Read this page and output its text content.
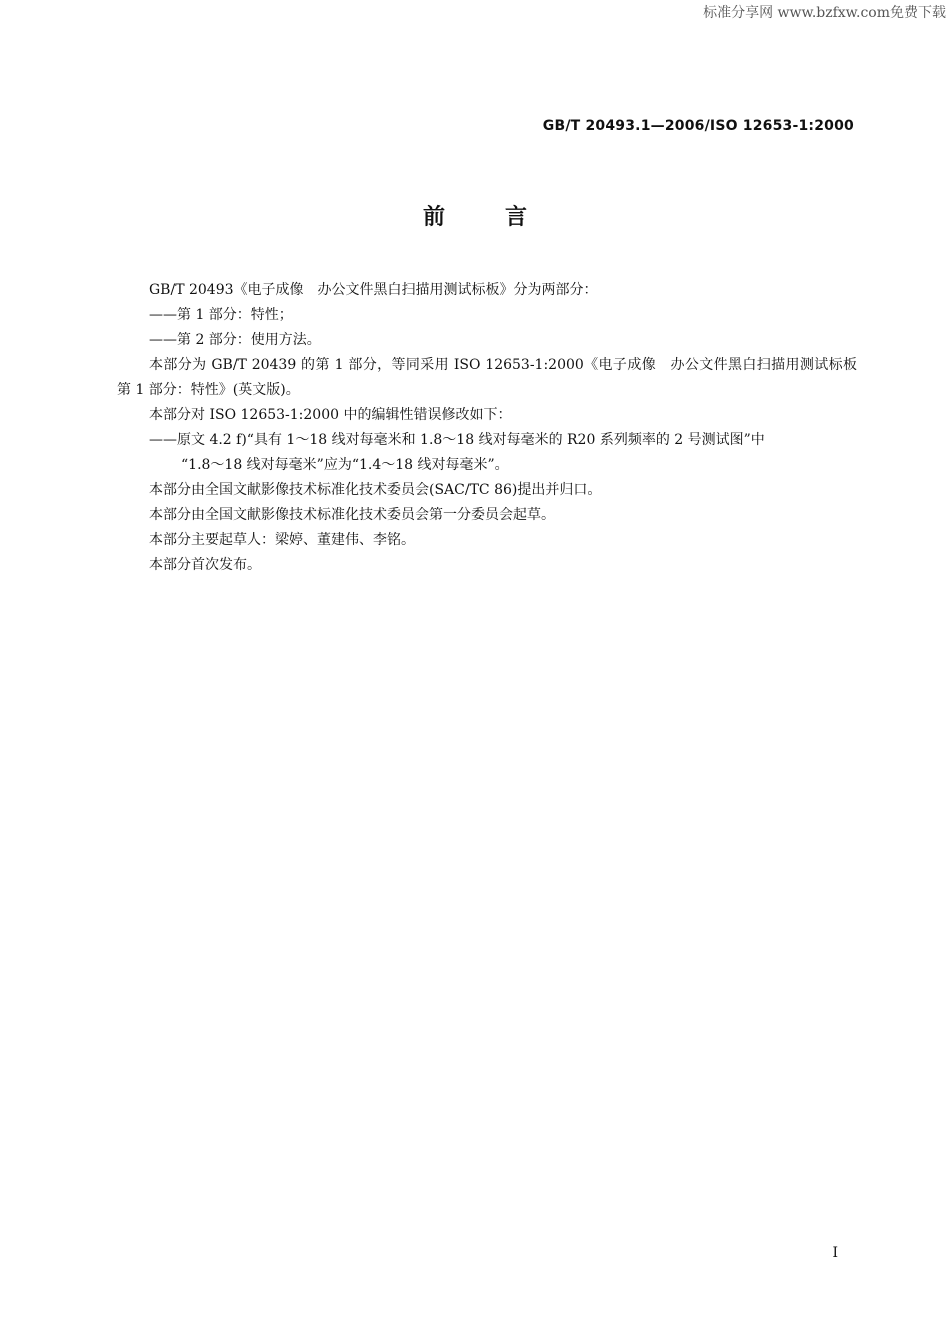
标准分享网 www.bzfxw.com免费下载
GB/T 20493.1—2006/ISO 12653-1:2000
前言

GB/T 20493《电子成像　办公文件黑白扫描用测试标板》分为两部分：

——第 1 部分：特性；

——第 2 部分：使用方法。

本部分为 GB/T 20439 的第 1 部分，等同采用 ISO 12653-1:2000《电子成像　办公文件黑白扫描用测试标板　第 1 部分：特性》(英文版)。

本部分对 ISO 12653-1:2000 中的编辑性错误修改如下：

——原文 4.2 f)“具有 1～18 线对每毫米和 1.8～18 线对每毫米的 R20 系列频率的 2 号测试图”中

“1.8～18 线对每毫米”应为“1.4～18 线对每毫米”。

本部分由全国文献影像技术标准化技术委员会(SAC/TC 86)提出并归口。

本部分由全国文献影像技术标准化技术委员会第一分委员会起草。

本部分主要起草人：梁婷、董建伟、李铭。

本部分首次发布。

I
